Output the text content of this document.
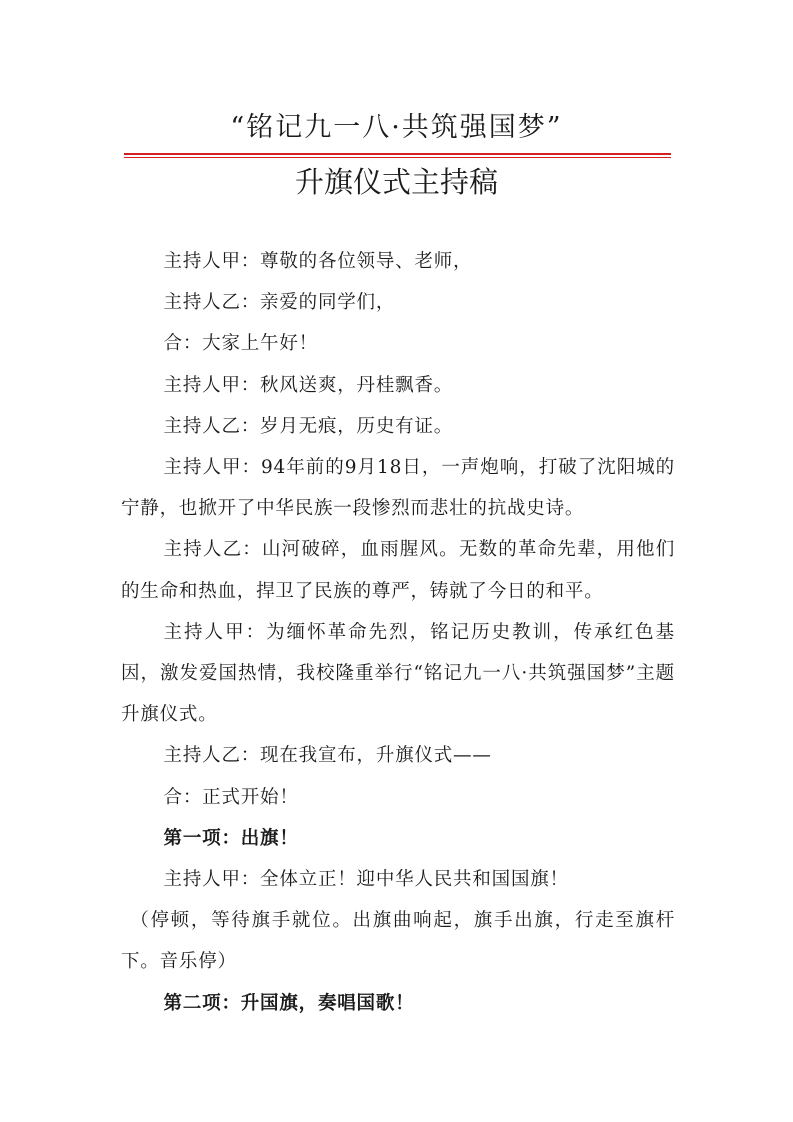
“铭记九一八·共筑强国梦”
升旗仪式主持稿

主持人甲：尊敬的各位领导、老师，

主持人乙：亲爱的同学们，

合：大家上午好！

主持人甲：秋风送爽，丹桂飘香。

主持人乙：岁月无痕，历史有证。

主持人甲：94年前的9月18日，一声炮响，打破了沈阳城的宁静，也掀开了中华民族一段惨烈而悲壮的抗战史诗。

主持人乙：山河破碎，血雨腥风。无数的革命先辈，用他们的生命和热血，捍卫了民族的尊严，铸就了今日的和平。

主持人甲：为缅怀革命先烈，铭记历史教训，传承红色基因，激发爱国热情，我校隆重举行“铭记九一八·共筑强国梦”主题升旗仪式。

主持人乙：现在我宣布，升旗仪式——

合：正式开始！

第一项：出旗！

主持人甲：全体立正！迎中华人民共和国国旗！

（停顿，等待旗手就位。出旗曲响起，旗手出旗，行走至旗杆下。音乐停）

第二项：升国旗，奏唱国歌！
